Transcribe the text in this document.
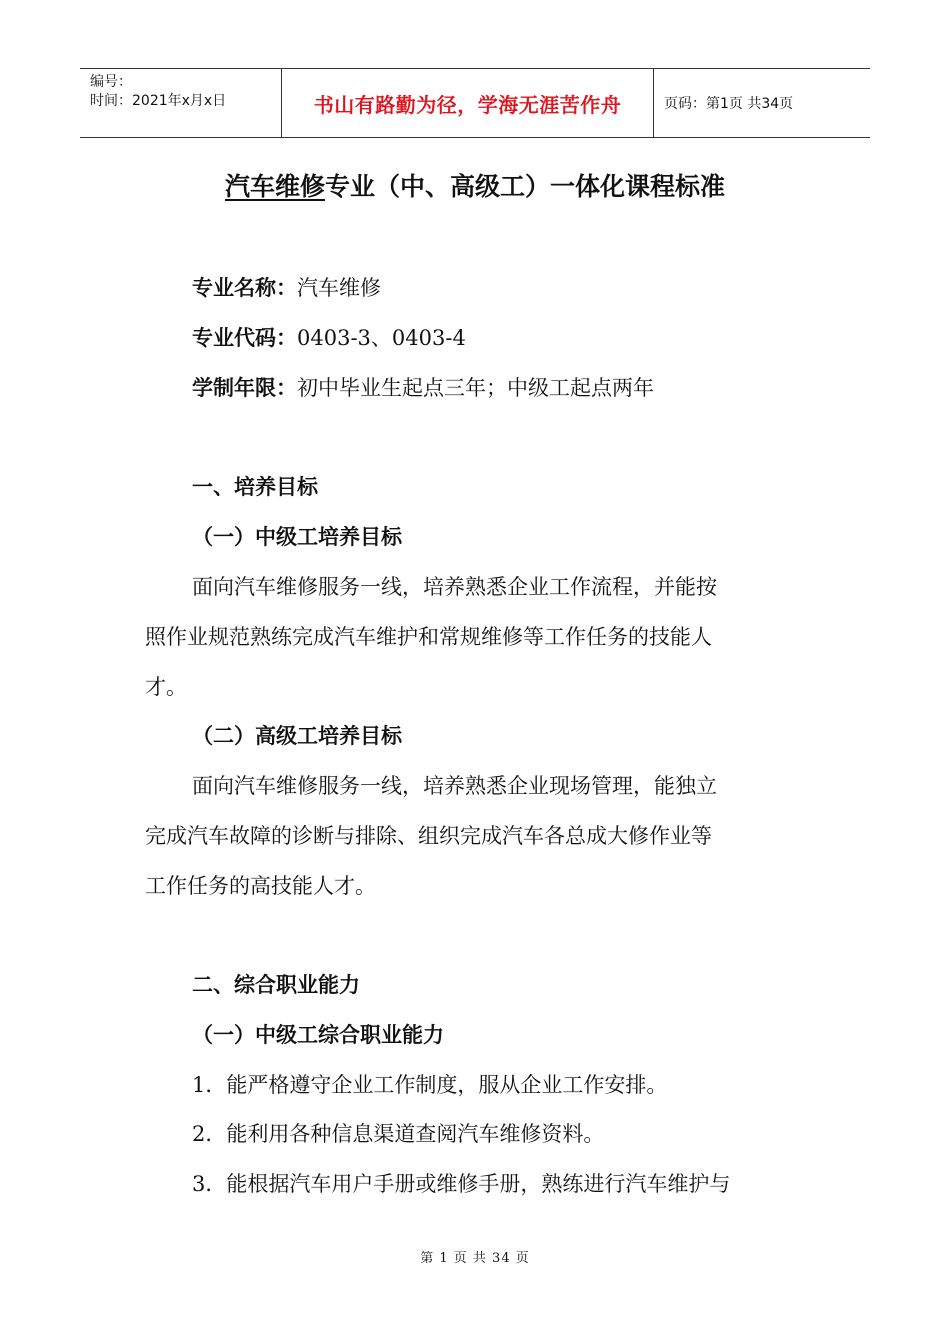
编号：
时间：2021年x月x日	书山有路勤为径，学海无涯苦作舟	页码：第1页 共34页
汽车维修专业（中、高级工）一体化课程标准
专业名称：汽车维修
专业代码：0403-3、0403-4
学制年限：初中毕业生起点三年；中级工起点两年
一、培养目标
（一）中级工培养目标
面向汽车维修服务一线，培养熟悉企业工作流程，并能按
照作业规范熟练完成汽车维护和常规维修等工作任务的技能人
才。
（二）高级工培养目标
面向汽车维修服务一线，培养熟悉企业现场管理，能独立
完成汽车故障的诊断与排除、组织完成汽车各总成大修作业等
工作任务的高技能人才。
二、综合职业能力
（一）中级工综合职业能力
1．能严格遵守企业工作制度，服从企业工作安排。
2．能利用各种信息渠道查阅汽车维修资料。
3．能根据汽车用户手册或维修手册，熟练进行汽车维护与
第 1 页 共 34 页
